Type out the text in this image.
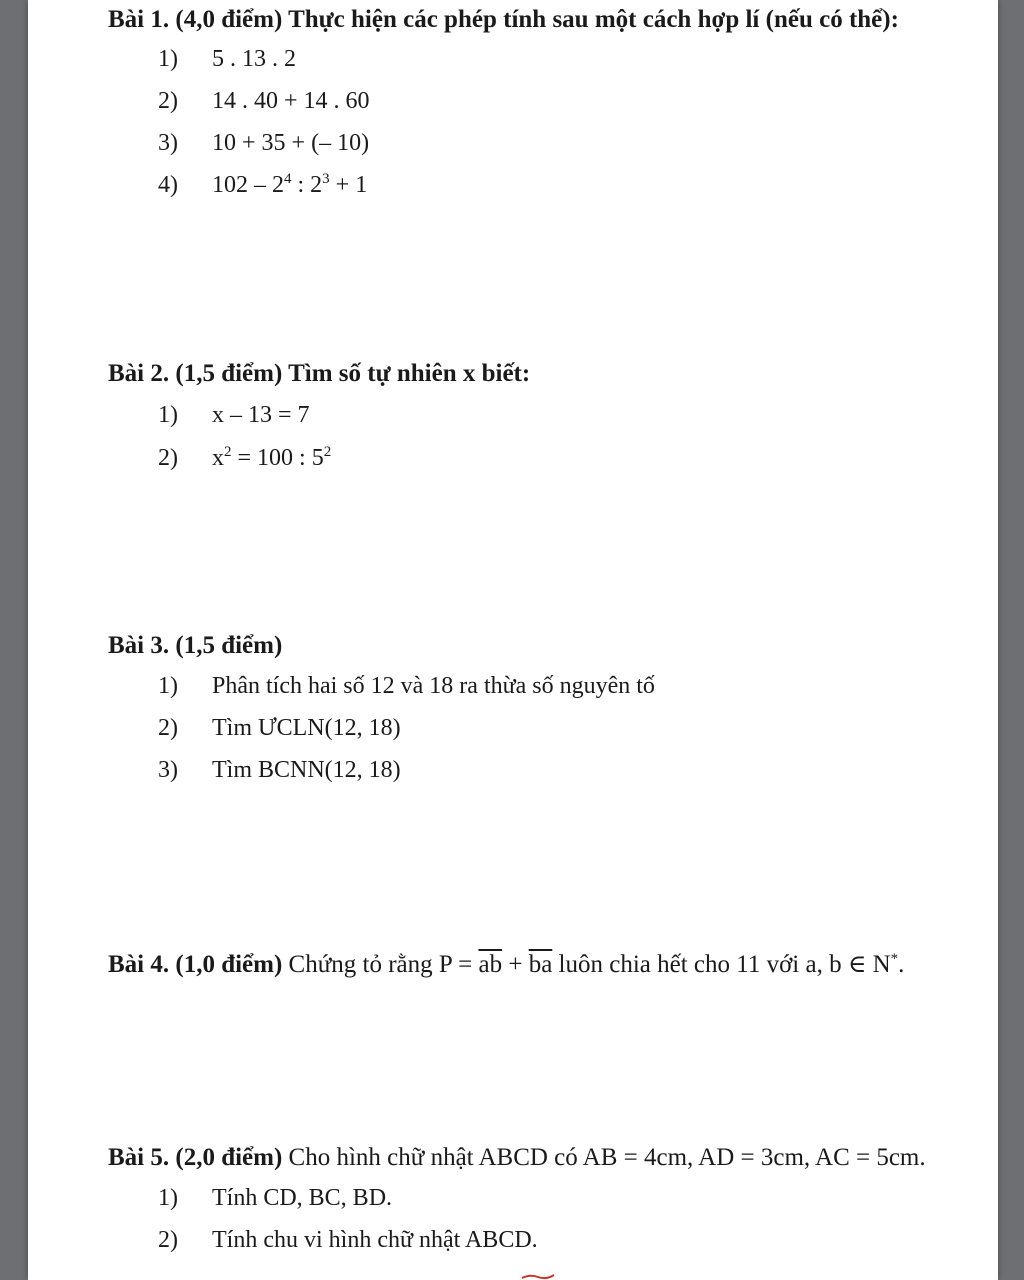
Bài 1. (4,0 điểm) Thực hiện các phép tính sau một cách hợp lí (nếu có thể):
1) 5 . 13 . 2
2) 14 . 40 + 14 . 60
3) 10 + 35 + (– 10)
4) $102 - 2^4$ : $2^3 + 1$
Bài 2. (1,5 điểm) Tìm số tự nhiên x biết:
1) x – 13 = 7
2) $x^2 = 100$ : $5^2$
Bài 3. (1,5 điểm)
1) Phân tích hai số 12 và 18 ra thừa số nguyên tố
2) Tìm ƯCLN(12, 18)
3) Tìm BCNN(12, 18)
Bài 4. (1,0 điểm) Chứng tỏ rằng $P = \overline{ab} + \overline{ba}$ luôn chia hết cho 11 với a, b ∈ N*.
Bài 5. (2,0 điểm) Cho hình chữ nhật ABCD có AB = 4cm, AD = 3cm, AC = 5cm.
1) Tính CD, BC, BD.
2) Tính chu vi hình chữ nhật ABCD.
